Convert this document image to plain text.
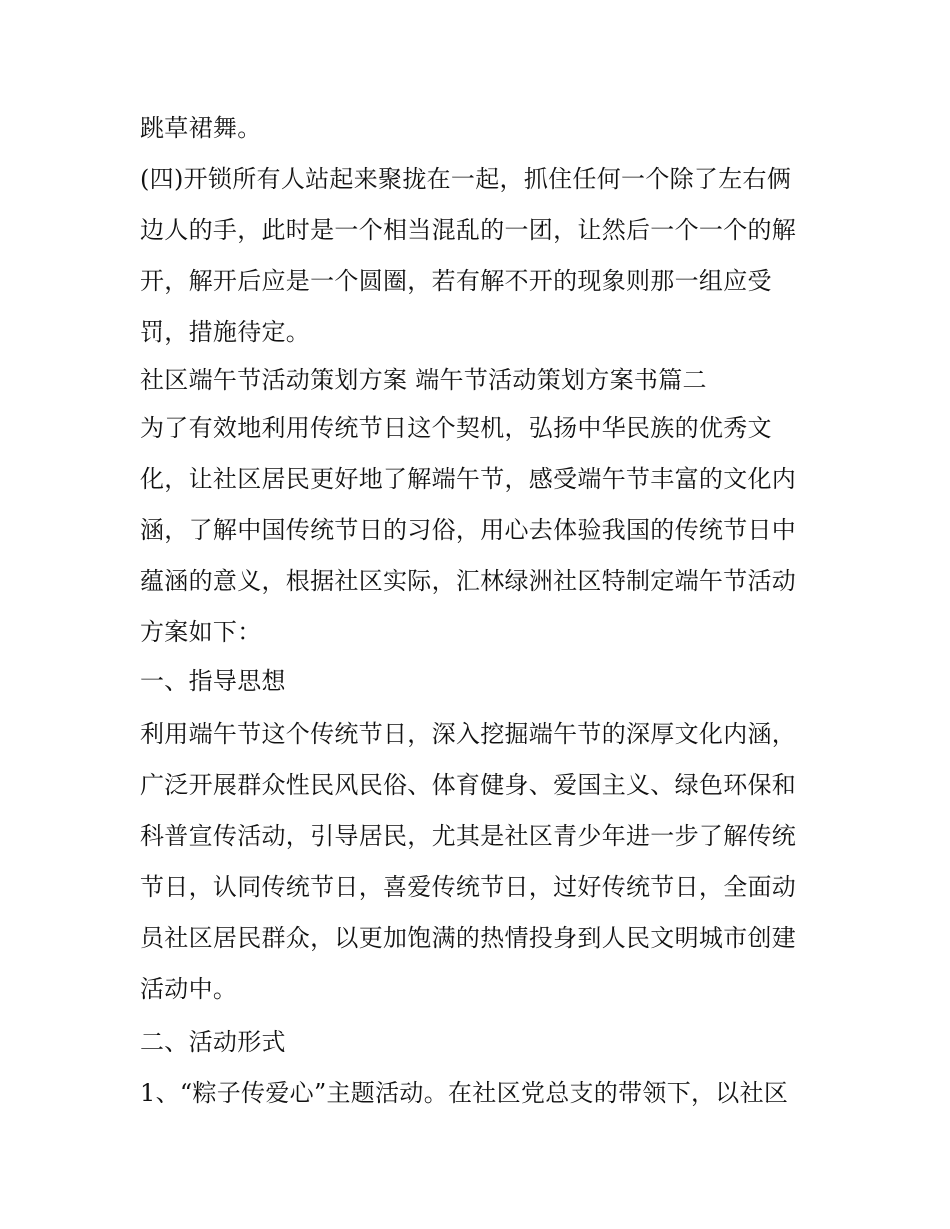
跳草裙舞。

(四)开锁所有人站起来聚拢在一起，抓住任何一个除了左右俩

边人的手，此时是一个相当混乱的一团，让然后一个一个的解

开，解开后应是一个圆圈，若有解不开的现象则那一组应受

罚，措施待定。

社区端午节活动策划方案 端午节活动策划方案书篇二

为了有效地利用传统节日这个契机，弘扬中华民族的优秀文

化，让社区居民更好地了解端午节，感受端午节丰富的文化内

涵，了解中国传统节日的习俗，用心去体验我国的传统节日中

蕴涵的意义，根据社区实际，汇林绿洲社区特制定端午节活动

方案如下：

一、指导思想

利用端午节这个传统节日，深入挖掘端午节的深厚文化内涵，

广泛开展群众性民风民俗、体育健身、爱国主义、绿色环保和

科普宣传活动，引导居民，尤其是社区青少年进一步了解传统

节日，认同传统节日，喜爱传统节日，过好传统节日，全面动

员社区居民群众，以更加饱满的热情投身到人民文明城市创建

活动中。

二、活动形式

1、“粽子传爱心”主题活动。在社区党总支的带领下，以社区
